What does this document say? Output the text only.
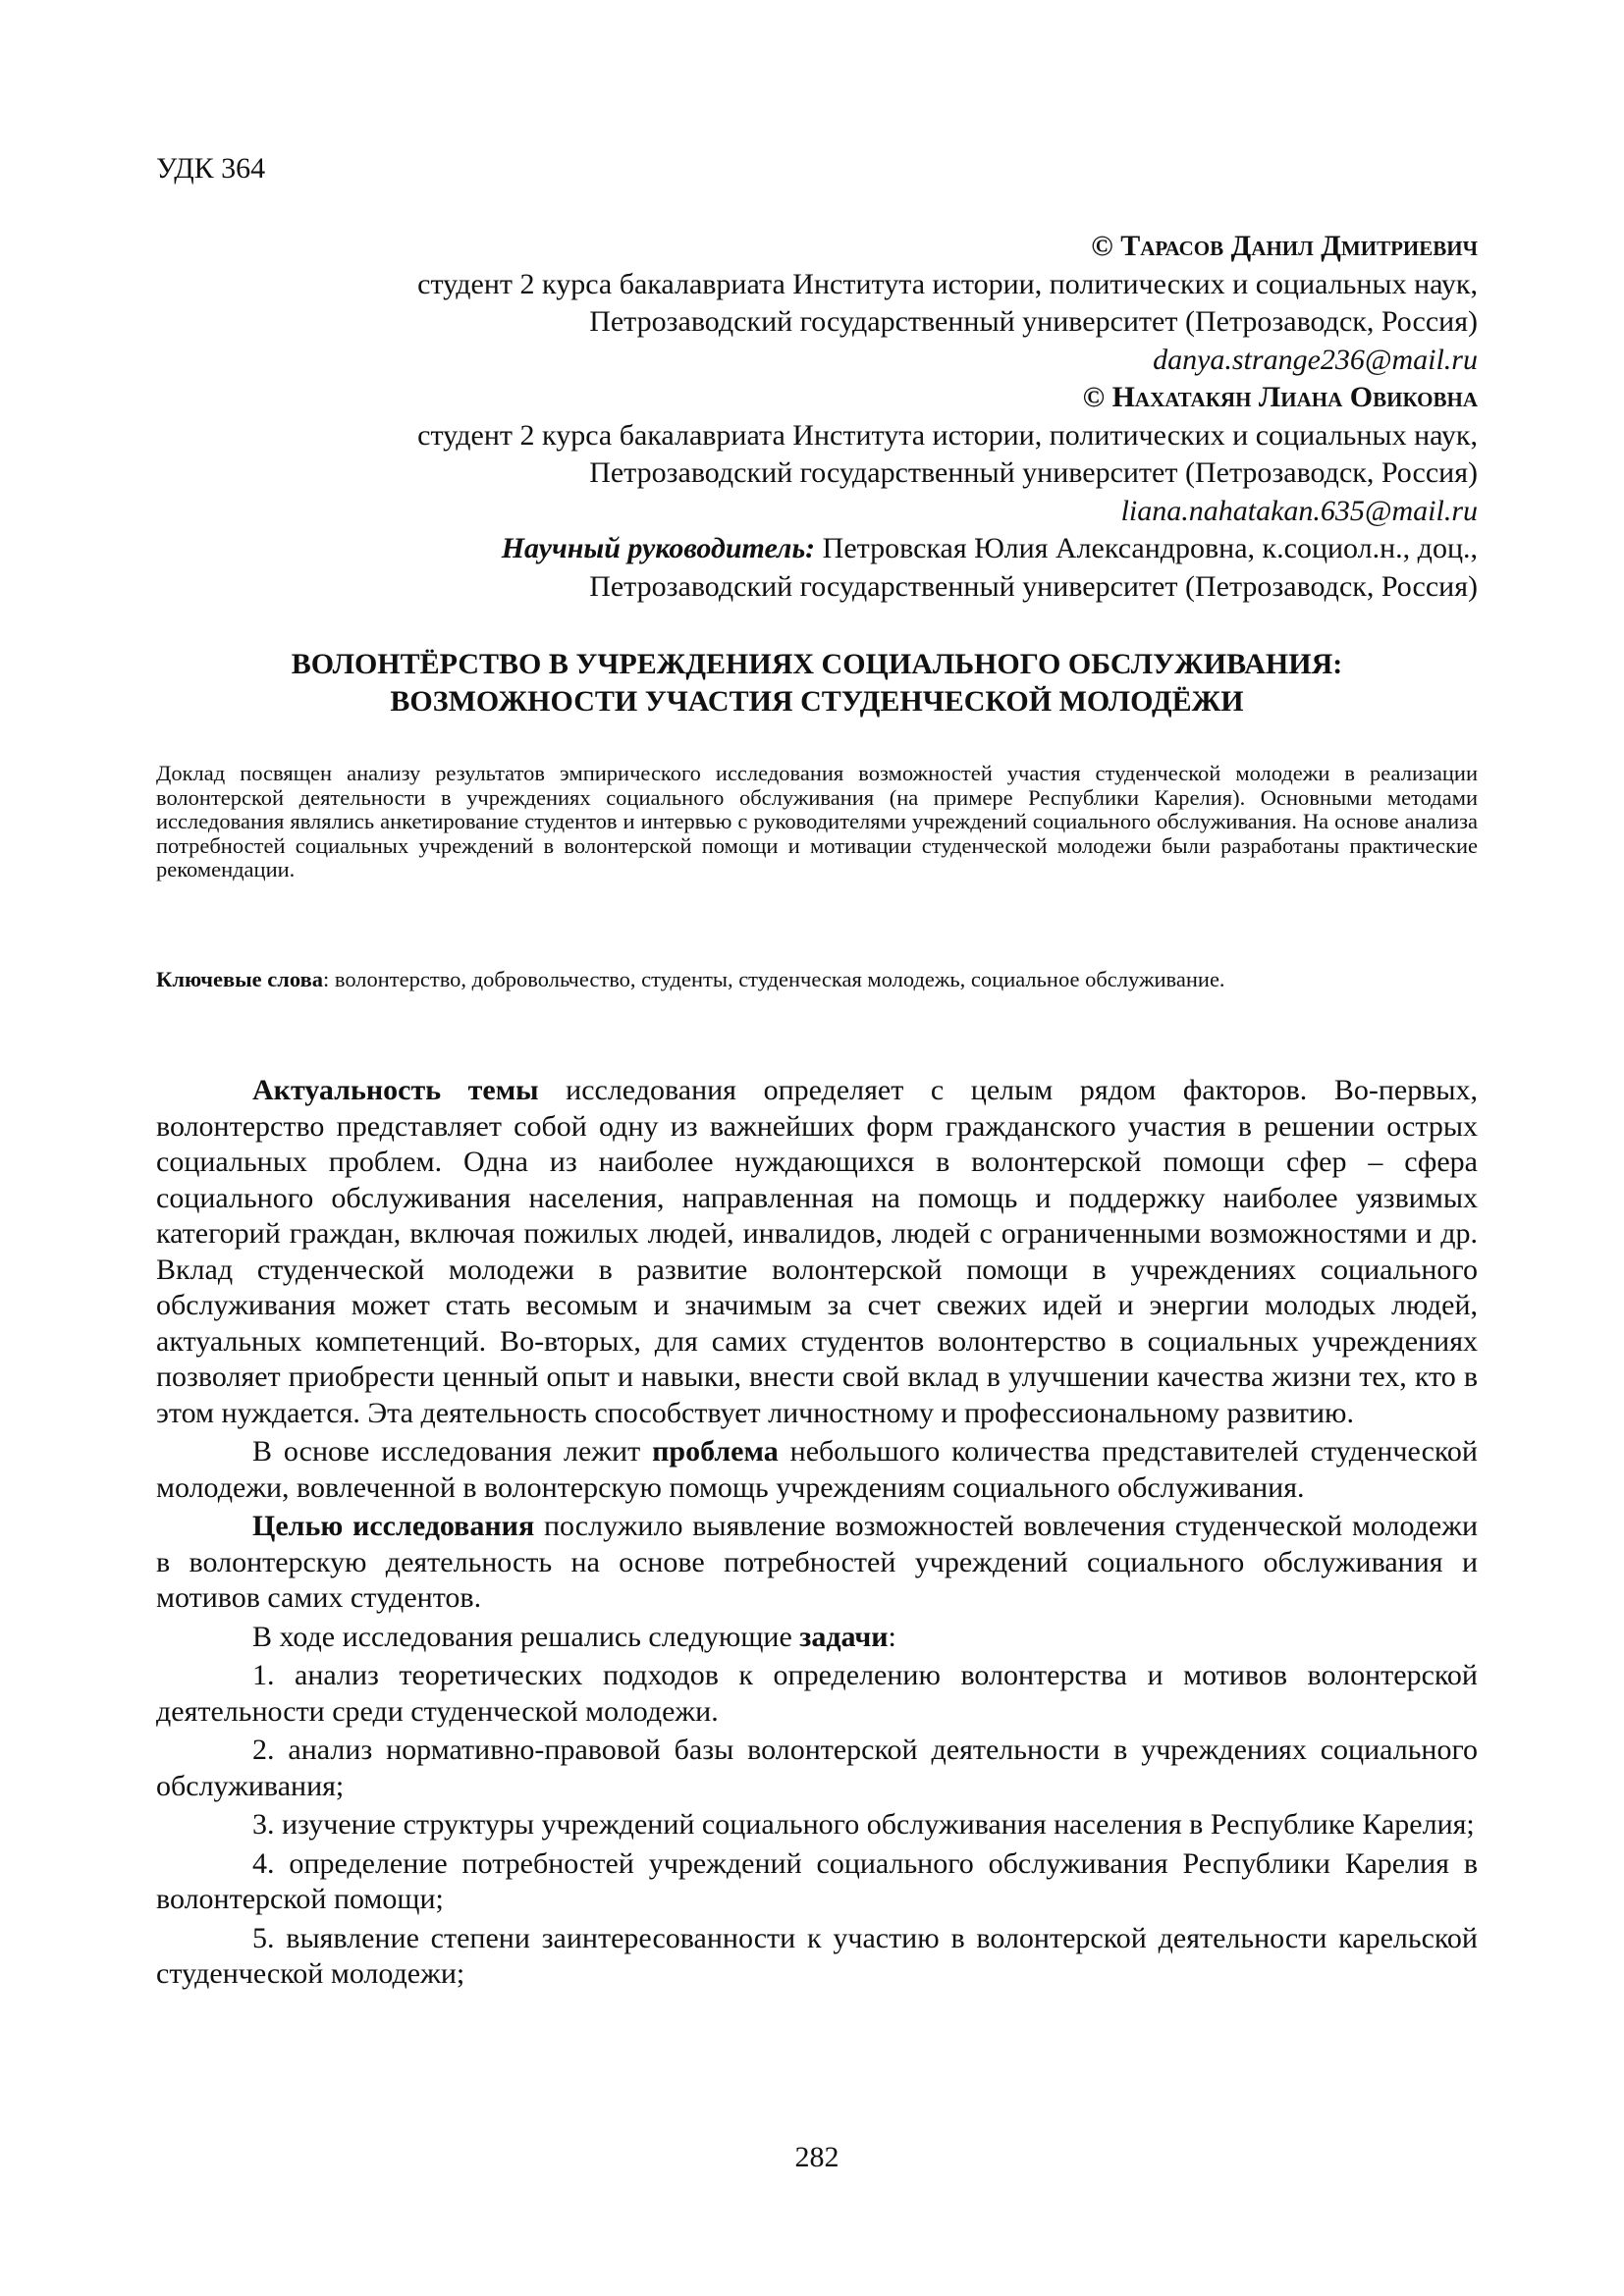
УДК 364
© Тарасов Данил Дмитриевич
студент 2 курса бакалавриата Института истории, политических и социальных наук,
Петрозаводский государственный университет (Петрозаводск, Россия)
danya.strange236@mail.ru
© Нахатакян Лиана Овиковна
студент 2 курса бакалавриата Института истории, политических и социальных наук,
Петрозаводский государственный университет (Петрозаводск, Россия)
liana.nahatakan.635@mail.ru
Научный руководитель: Петровская Юлия Александровна, к.социол.н., доц.,
Петрозаводский государственный университет (Петрозаводск, Россия)
ВОЛОНТЁРСТВО В УЧРЕЖДЕНИЯХ СОЦИАЛЬНОГО ОБСЛУЖИВАНИЯ:
ВОЗМОЖНОСТИ УЧАСТИЯ СТУДЕНЧЕСКОЙ МОЛОДЁЖИ
Доклад посвящен анализу результатов эмпирического исследования возможностей участия студенческой молодежи в реализации волонтерской деятельности в учреждениях социального обслуживания (на примере Республики Карелия). Основными методами исследования являлись анкетирование студентов и интервью с руководителями учреждений социального обслуживания. На основе анализа потребностей социальных учреждений в волонтерской помощи и мотивации студенческой молодежи были разработаны практические рекомендации.
Ключевые слова: волонтерство, добровольчество, студенты, студенческая молодежь, социальное обслуживание.

Актуальность темы исследования определяет с целым рядом факторов. Во-первых, волонтерство представляет собой одну из важнейших форм гражданского участия в решении острых социальных проблем. Одна из наиболее нуждающихся в волонтерской помощи сфер – сфера социального обслуживания населения, направленная на помощь и поддержку наиболее уязвимых категорий граждан, включая пожилых людей, инвалидов, людей с ограниченными возможностями и др. Вклад студенческой молодежи в развитие волонтерской помощи в учреждениях социального обслуживания может стать весомым и значимым за счет свежих идей и энергии молодых людей, актуальных компетенций. Во-вторых, для самих студентов волонтерство в социальных учреждениях позволяет приобрести ценный опыт и навыки, внести свой вклад в улучшении качества жизни тех, кто в этом нуждается. Эта деятельность способствует личностному и профессиональному развитию.

В основе исследования лежит проблема небольшого количества представителей студенческой молодежи, вовлеченной в волонтерскую помощь учреждениям социального обслуживания.

Целью исследования послужило выявление возможностей вовлечения студенческой молодежи в волонтерскую деятельность на основе потребностей учреждений социального обслуживания и мотивов самих студентов.

В ходе исследования решались следующие задачи:

1. анализ теоретических подходов к определению волонтерства и мотивов волонтерской деятельности среди студенческой молодежи.

2. анализ нормативно-правовой базы волонтерской деятельности в учреждениях социального обслуживания;

3. изучение структуры учреждений социального обслуживания населения в Республике Карелия;

4. определение потребностей учреждений социального обслуживания Республики Карелия в волонтерской помощи;

5. выявление степени заинтересованности к участию в волонтерской деятельности карельской студенческой молодежи;

282
